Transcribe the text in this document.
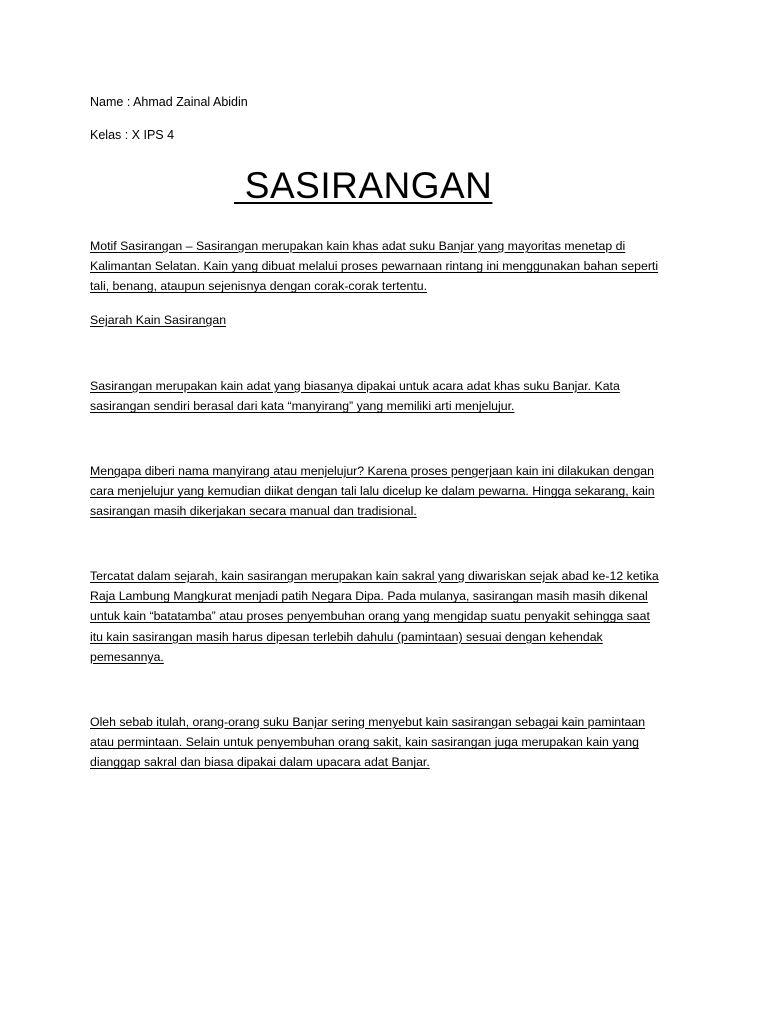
Name : Ahmad Zainal Abidin
Kelas : X IPS 4
SASIRANGAN

Motif Sasirangan – Sasirangan merupakan kain khas adat suku Banjar yang mayoritas menetap di
Kalimantan Selatan. Kain yang dibuat melalui proses pewarnaan rintang ini menggunakan bahan seperti
tali, benang, ataupun sejenisnya dengan corak-corak tertentu.

Sejarah Kain Sasirangan

Sasirangan merupakan kain adat yang biasanya dipakai untuk acara adat khas suku Banjar. Kata
sasirangan sendiri berasal dari kata “manyirang” yang memiliki arti menjelujur.

Mengapa diberi nama manyirang atau menjelujur? Karena proses pengerjaan kain ini dilakukan dengan
cara menjelujur yang kemudian diikat dengan tali lalu dicelup ke dalam pewarna. Hingga sekarang, kain
sasirangan masih dikerjakan secara manual dan tradisional.

Tercatat dalam sejarah, kain sasirangan merupakan kain sakral yang diwariskan sejak abad ke-12 ketika
Raja Lambung Mangkurat menjadi patih Negara Dipa. Pada mulanya, sasirangan masih masih dikenal
untuk kain “batatamba” atau proses penyembuhan orang yang mengidap suatu penyakit sehingga saat
itu kain sasirangan masih harus dipesan terlebih dahulu (pamintaan) sesuai dengan kehendak
pemesannya.

Oleh sebab itulah, orang-orang suku Banjar sering menyebut kain sasirangan sebagai kain pamintaan
atau permintaan. Selain untuk penyembuhan orang sakit, kain sasirangan juga merupakan kain yang
dianggap sakral dan biasa dipakai dalam upacara adat Banjar.
